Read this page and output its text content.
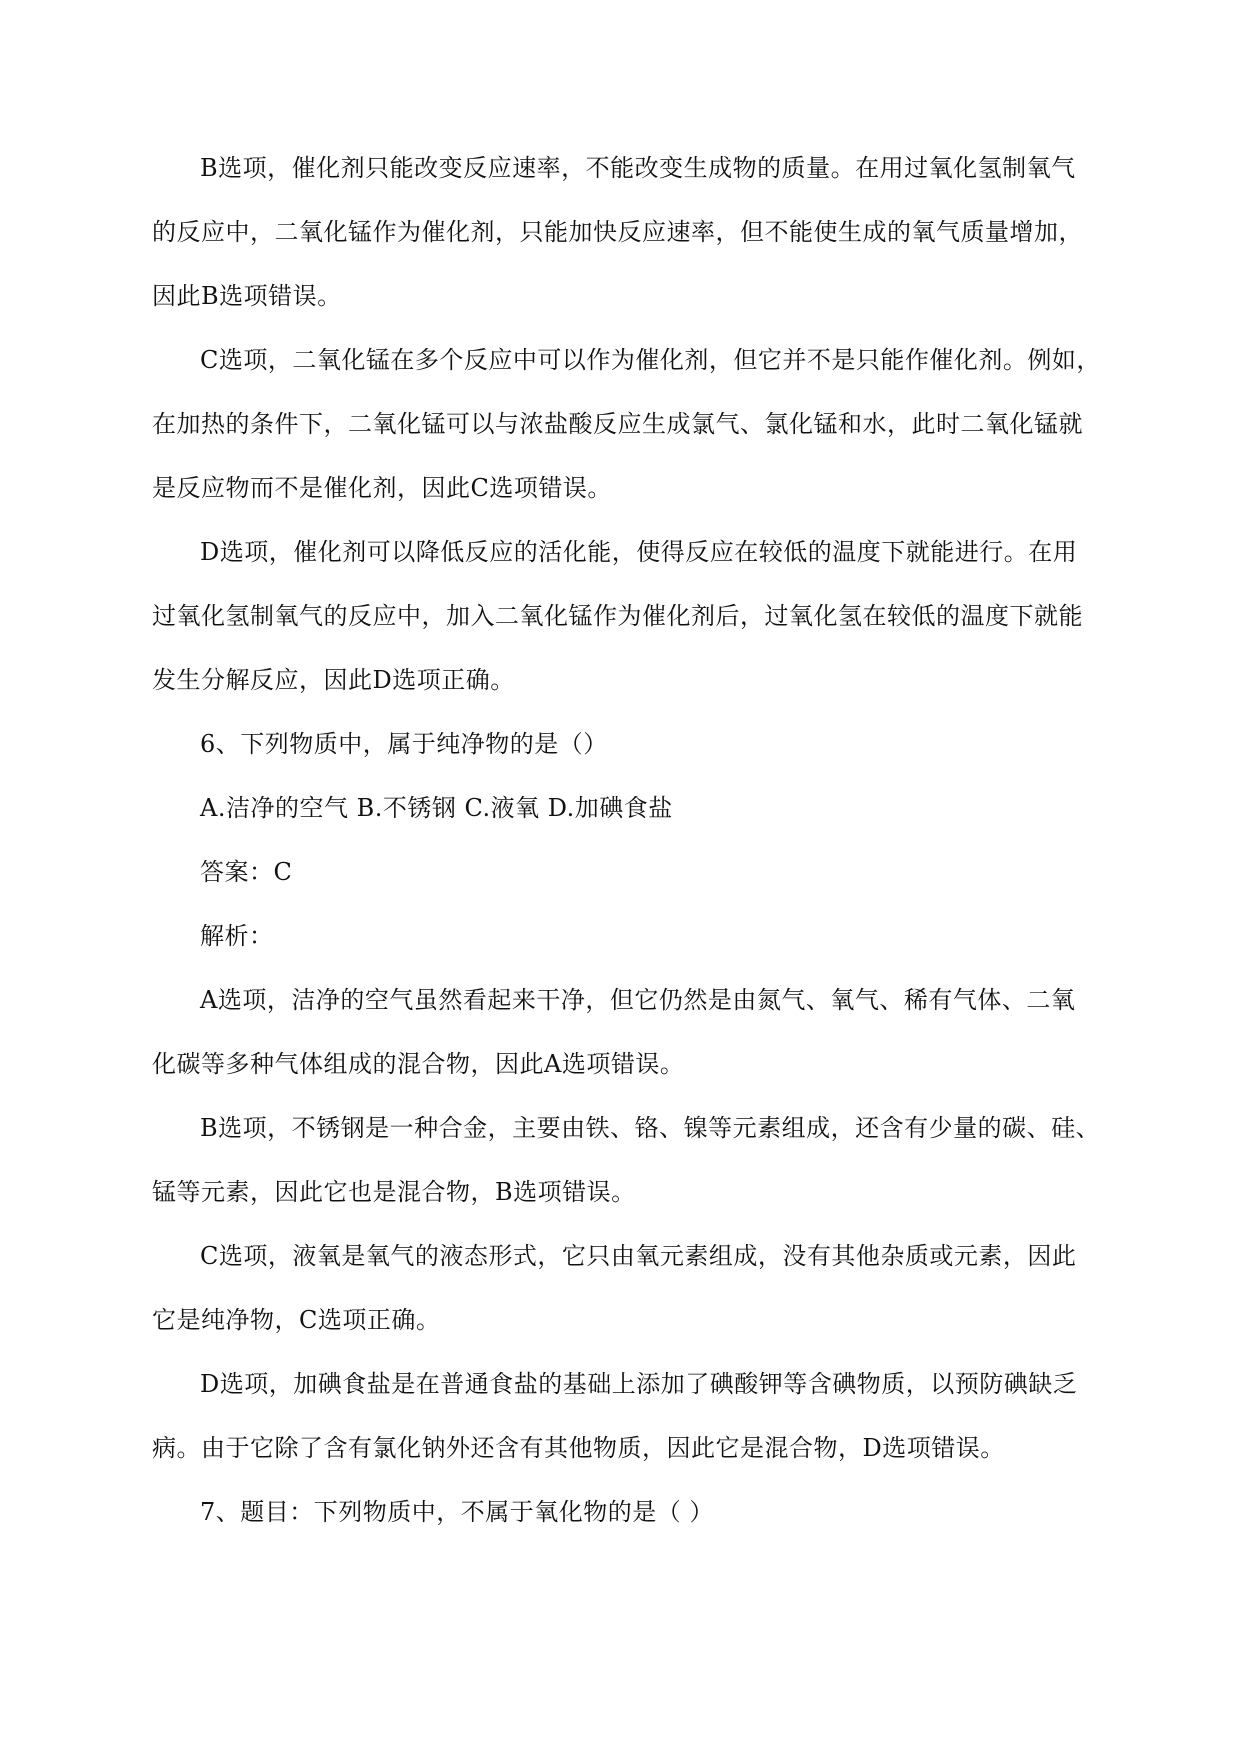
B选项，催化剂只能改变反应速率，不能改变生成物的质量。在用过氧化氢制氧气
的反应中，二氧化锰作为催化剂，只能加快反应速率，但不能使生成的氧气质量增加，
因此B选项错误。
C选项，二氧化锰在多个反应中可以作为催化剂，但它并不是只能作催化剂。例如，
在加热的条件下，二氧化锰可以与浓盐酸反应生成氯气、氯化锰和水，此时二氧化锰就
是反应物而不是催化剂，因此C选项错误。
D选项，催化剂可以降低反应的活化能，使得反应在较低的温度下就能进行。在用
过氧化氢制氧气的反应中，加入二氧化锰作为催化剂后，过氧化氢在较低的温度下就能
发生分解反应，因此D选项正确。
6、下列物质中，属于纯净物的是（）
A.洁净的空气 B.不锈钢 C.液氧 D.加碘食盐
答案：C
解析：
A选项，洁净的空气虽然看起来干净，但它仍然是由氮气、氧气、稀有气体、二氧
化碳等多种气体组成的混合物，因此A选项错误。
B选项，不锈钢是一种合金，主要由铁、铬、镍等元素组成，还含有少量的碳、硅、
锰等元素，因此它也是混合物，B选项错误。
C选项，液氧是氧气的液态形式，它只由氧元素组成，没有其他杂质或元素，因此
它是纯净物，C选项正确。
D选项，加碘食盐是在普通食盐的基础上添加了碘酸钾等含碘物质，以预防碘缺乏
病。由于它除了含有氯化钠外还含有其他物质，因此它是混合物，D选项错误。
7、题目：下列物质中，不属于氧化物的是（ ）
